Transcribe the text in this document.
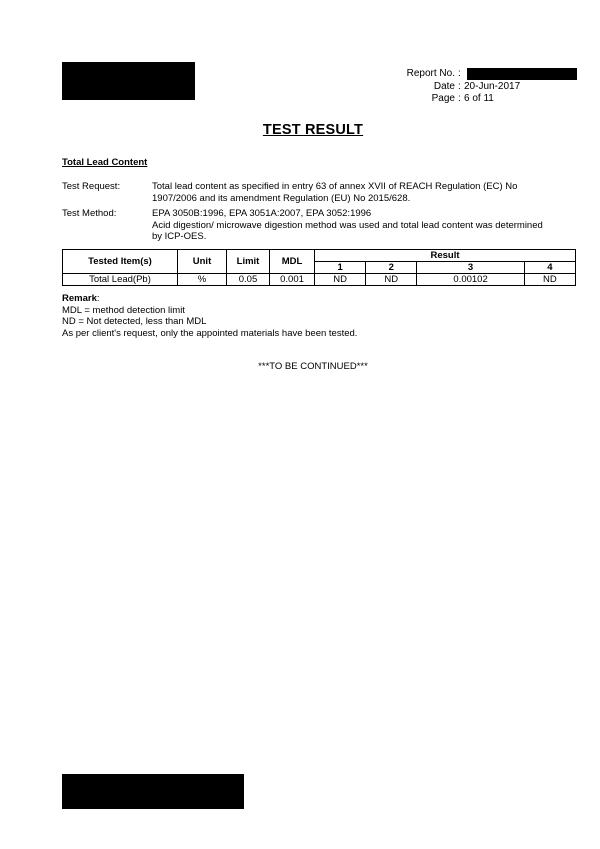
Report No. :
Date : 20-Jun-2017
Page : 6 of 11
TEST RESULT
Total Lead Content
Test Request:	Total lead content as specified in entry 63 of annex XVII of REACH Regulation (EC) No 1907/2006 and its amendment Regulation (EU) No 2015/628.
Test Method:	EPA 3050B:1996, EPA 3051A:2007, EPA 3052:1996
Acid digestion/ microwave digestion method was used and total lead content was determined by ICP-OES.
Tested Item(s)	Unit	Limit	MDL	Result			
				1	2	3	4
Total Lead(Pb)	%	0.05	0.001	ND	ND	0.00102	ND
Remark:
MDL = method detection limit
ND = Not detected, less than MDL
As per client's request, only the appointed materials have been tested.
***TO BE CONTINUED***
